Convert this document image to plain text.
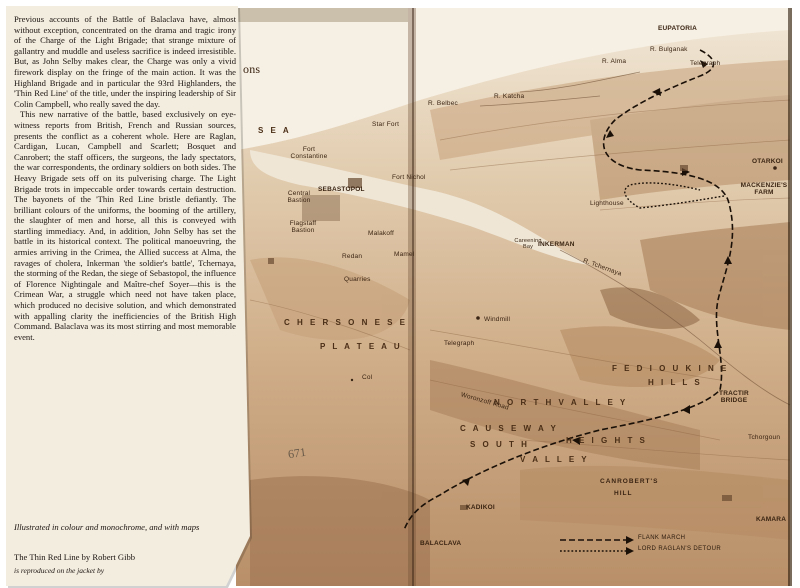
ons
S E A
Star Fort
Fort Constantine
Fort Nichol
Central Bastion
SEBASTOPOL
Flagstaff Bastion	Malakoff
Mamel
Redan
Quarries
C H E R S O N E S E
P L A T E A U
Col
EUPATORIA
R. Bulganak
Telegraph
R. Alma
R. Katcha
R. Belbec
OTARKOI
MACKENZIE'S FARM
Lighthouse
INKERMAN
Careening Bay
R. Tchernaya
Windmill
Telegraph
F E D I O U K I N E
H I L L S
TRACTIR BRIDGE
N O R T H V A L L E Y
Woronzoff Road
C A U S E W A Y
H E I G H T S
S O U T H
V A L L E Y
KADIKOI
BALACLAVA
CANROBERT'S
HILL
Tchorgoun
KAMARA
FLANK MARCH
LORD RAGLAN'S DETOUR
671

Previous accounts of the Battle of Balaclava have, almost without exception, concentrated on the drama and tragic irony of the Charge of the Light Brigade; that strange mixture of gallantry and muddle and useless sacrifice is indeed irresistible. But, as John Selby makes clear, the Charge was only a vivid firework display on the fringe of the main action. It was the Highland Brigade and in particular the 93rd Highlanders, the 'Thin Red Line' of the title, under the inspiring leadership of Sir Colin Campbell, who really saved the day.

This new narrative of the battle, based exclusively on eye-witness reports from British, French and Russian sources, presents the conflict as a coherent whole. Here are Raglan, Cardigan, Lucan, Campbell and Scarlett; Bosquet and Canrobert; the staff officers, the surgeons, the lady spectators, the war correspondents, the ordinary soldiers on both sides. The Heavy Brigade sets off on its pulverising charge. The Light Brigade trots in impeccable order towards certain destruction. The bayonets of the 'Thin Red Line bristle defiantly. The brilliant colours of the uniforms, the booming of the artillery, the slaughter of men and horse, all this is conveyed with startling immediacy. And, in addition, John Selby has set the battle in its historical context. The political manoeuvring, the armies arriving in the Crimea, the Allied success at Alma, the ravages of cholera, Inkerman 'the soldier's battle', Tchernaya, the storming of the Redan, the siege of Sebastopol, the influence of Florence Nightingale and Maître-chef Soyer—this is the Crimean War, a struggle which need not have taken place, which produced no decisive solution, and which demonstrated with appalling clarity the inefficiencies of the British High Command. Balaclava was its most stirring and most memorable event.

Illustrated in colour and monochrome, and with maps
The Thin Red Line by Robert Gibb
is reproduced on the jacket by
